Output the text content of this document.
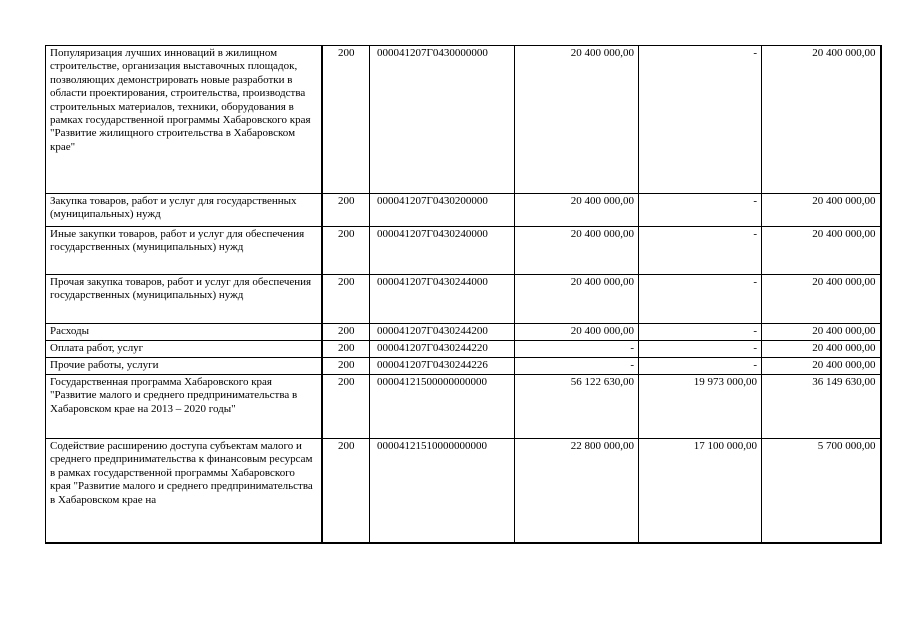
Популяризация лучших инноваций в жилищном строительстве, организация выставочных площадок, позволяющих демонстрировать новые разработки в области проектирования, строительства, производства строительных материалов, техники, оборудования в рамках государственной программы Хабаровского края "Развитие жилищного строительства в Хабаровском крае"	200	000041207Г0430000000	20 400 000,00	-	20 400 000,00
Закупка товаров, работ и услуг для государственных (муниципальных) нужд	200	000041207Г0430200000	20 400 000,00	-	20 400 000,00
Иные закупки товаров, работ и услуг для обеспечения государственных (муниципальных) нужд	200	000041207Г0430240000	20 400 000,00	-	20 400 000,00
Прочая закупка товаров, работ и услуг для обеспечения государственных (муниципальных) нужд	200	000041207Г0430244000	20 400 000,00	-	20 400 000,00
Расходы	200	000041207Г0430244200	20 400 000,00	-	20 400 000,00
Оплата работ, услуг	200	000041207Г0430244220	-	-	20 400 000,00
Прочие работы, услуги	200	000041207Г0430244226	-	-	20 400 000,00
Государственная программа Хабаровского края "Развитие малого и среднего предпринимательства в Хабаровском крае на 2013 – 2020 годы"	200	00004121500000000000	56 122 630,00	19 973 000,00	36 149 630,00
Содействие расширению доступа субъектам малого и среднего предпринимательства к финансовым ресурсам в рамках государственной программы Хабаровского края "Развитие малого и среднего предпринимательства в Хабаровском крае на	200	00004121510000000000	22 800 000,00	17 100 000,00	5 700 000,00
